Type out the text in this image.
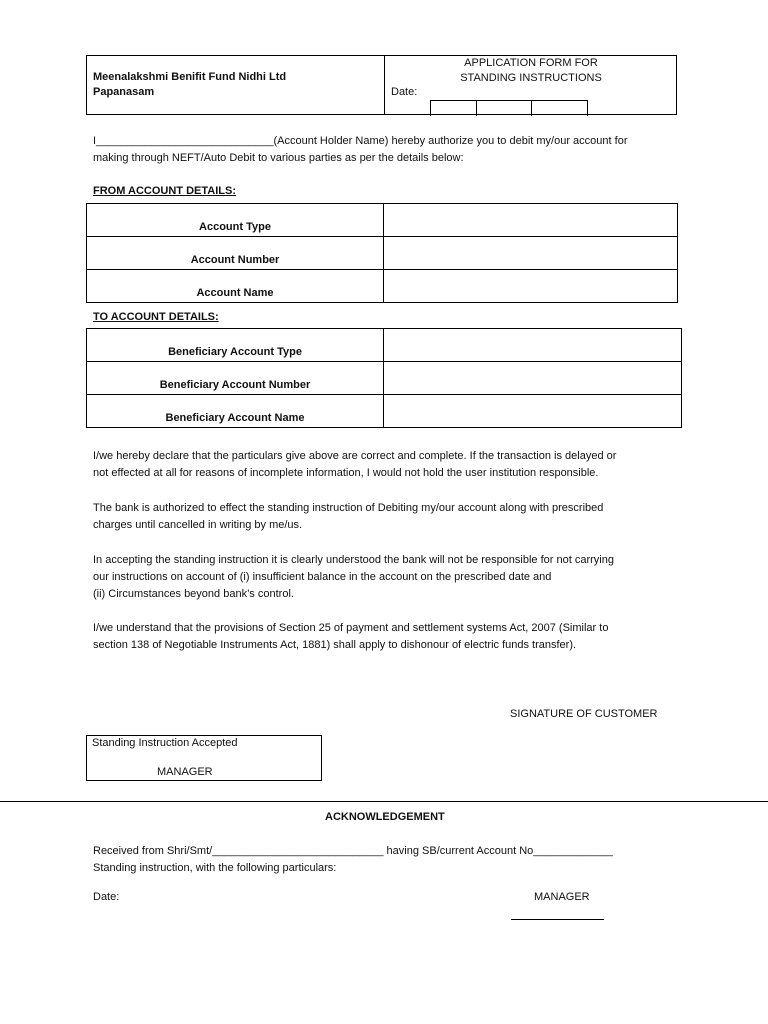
Meenalakshmi Benifit Fund Nidhi Ltd
Papanasam
APPLICATION FORM FOR
STANDING INSTRUCTIONS
Date:
I_____________________________(Account Holder Name) hereby authorize you to debit my/our account for
making through NEFT/Auto Debit to various parties as per the details below:
FROM ACCOUNT DETAILS:
Account Type	
Account Number	
Account Name	
TO ACCOUNT DETAILS:
Beneficiary Account Type	
Beneficiary Account Number	
Beneficiary Account Name	
I/we hereby declare that the particulars give above are correct and complete. If the transaction is delayed or
not effected at all for reasons of incomplete information, I would not hold the user institution responsible.
The bank is authorized to effect the standing instruction of Debiting my/our account along with prescribed
charges until cancelled in writing by me/us.
In accepting the standing instruction it is clearly understood the bank will not be responsible for not carrying
our instructions on account of (i) insufficient balance in the account on the prescribed date and
(ii) Circumstances beyond bank’s control.
I/we understand that the provisions of Section 25 of payment and settlement systems Act, 2007 (Similar to
section 138 of Negotiable Instruments Act, 1881) shall apply to dishonour of electric funds transfer).
SIGNATURE OF CUSTOMER
Standing Instruction Accepted
MANAGER
ACKNOWLEDGEMENT
Received from Shri/Smt/____________________________ having SB/current Account No_____________
Standing instruction, with the following particulars:
Date:	MANAGER
